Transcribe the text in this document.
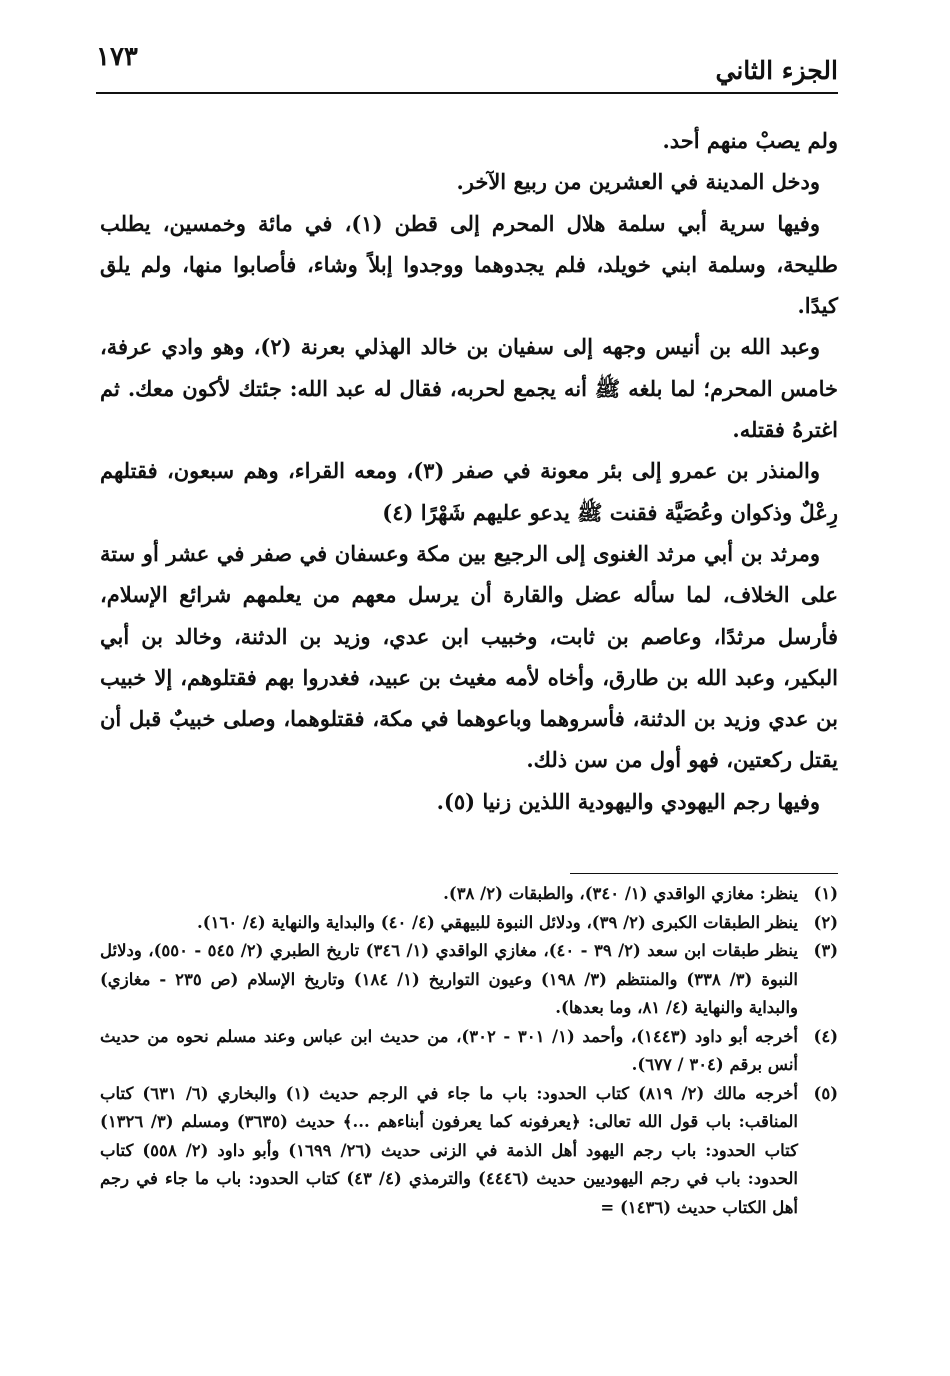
الجزء الثاني
١٧٣

ولم يصبْ منهم أحد.

ودخل المدينة في العشرين من ربيع الآخر.

وفيها سرية أبي سلمة هلال المحرم إلى قطن (١)، في مائة وخمسين، يطلب طليحة، وسلمة ابني خويلد، فلم يجدوهما ووجدوا إبلاً وشاء، فأصابوا منها، ولم يلق كيدًا.

وعبد الله بن أنيس وجهه إلى سفيان بن خالد الهذلي بعرنة (٢)، وهو وادي عرفة، خامس المحرم؛ لما بلغه ﷺ أنه يجمع لحربه، فقال له عبد الله: جئتك لأكون معك. ثم اغترهُ فقتله.

والمنذر بن عمرو إلى بئر معونة في صفر (٣)، ومعه القراء، وهم سبعون، فقتلهم رِعْلٌ وذكوان وعُصَيَّة فقنت ﷺ يدعو عليهم شَهْرًا (٤)

ومرثد بن أبي مرثد الغنوى إلى الرجيع بين مكة وعسفان في صفر في عشر أو ستة على الخلاف، لما سأله عضل والقارة أن يرسل معهم من يعلمهم شرائع الإسلام، فأرسل مرثدًا، وعاصم بن ثابت، وخبيب ابن عدي، وزيد بن الدثنة، وخالد بن أبي البكير، وعبد الله بن طارق، وأخاه لأمه مغيث بن عبيد، فغدروا بهم فقتلوهم، إلا خبيب بن عدي وزيد بن الدثنة، فأسروهما وباعوهما في مكة، فقتلوهما، وصلى خبيبٌ قبل أن يقتل ركعتين، فهو أول من سن ذلك.

وفيها رجم اليهودي واليهودية اللذين زنيا (٥).

(١)
ينظر: مغازي الواقدي (١/ ٣٤٠)، والطبقات (٢/ ٣٨).
(٢)
ينظر الطبقات الكبرى (٢/ ٣٩)، ودلائل النبوة للبيهقي (٤/ ٤٠) والبداية والنهاية (٤/ ١٦٠).
(٣)
ينظر طبقات ابن سعد (٢/ ٣٩ - ٤٠)، مغازي الواقدي (١/ ٣٤٦) تاريخ الطبري (٢/ ٥٤٥ - ٥٥٠)، ودلائل النبوة (٣/ ٣٣٨) والمنتظم (٣/ ١٩٨) وعيون التواريخ (١/ ١٨٤) وتاريخ الإسلام (ص ٢٣٥ - مغازي) والبداية والنهاية (٤/ ٨١، وما بعدها).
(٤)
أخرجه أبو داود (١٤٤٣)، وأحمد (١/ ٣٠١ - ٣٠٢)، من حديث ابن عباس وعند مسلم نحوه من حديث أنس برقم (٣٠٤ / ٦٧٧).
(٥)
أخرجه مالك (٢/ ٨١٩) كتاب الحدود: باب ما جاء في الرجم حديث (١) والبخاري (٦/ ٦٣١) كتاب المناقب: باب قول الله تعالى: ﴿يعرفونه كما يعرفون أبناءهم ...﴾ حديث (٣٦٣٥) ومسلم (٣/ ١٣٢٦) كتاب الحدود: باب رجم اليهود أهل الذمة في الزنى حديث (٢٦/ ١٦٩٩) وأبو داود (٢/ ٥٥٨) كتاب الحدود: باب في رجم اليهوديين حديث (٤٤٤٦) والترمذي (٤/ ٤٣) كتاب الحدود: باب ما جاء في رجم أهل الكتاب حديث (١٤٣٦) =
